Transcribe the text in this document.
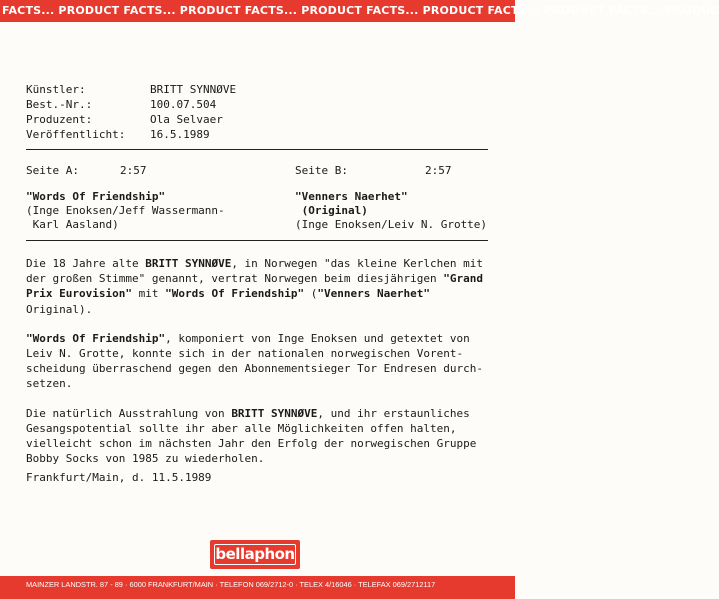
FACTS... PRODUCT FACTS... PRODUCT FACTS... PRODUCT FACTS... PRODUCT FACTS... PRODUCT FACTS... PRODUC
Künstler:	BRITT SYNNØVE
Best.-Nr.:	100.07.504
Produzent:	Ola Selvaer
Veröffentlicht:	16.5.1989
Seite A:	2:57
"Words Of Friendship"
(Inge Enoksen/Jeff Wassermann-
Karl Aasland)
Seite B:	2:57
"Venners Naerhet"
(Original)
(Inge Enoksen/Leiv N. Grotte)

Die 18 Jahre alte BRITT SYNNØVE, in Norwegen "das kleine Kerlchen mit der großen Stimme" genannt, vertrat Norwegen beim diesjährigen "Grand Prix Eurovision" mit "Words Of Friendship" ("Venners Naerhet" Original).

"Words Of Friendship", komponiert von Inge Enoksen und getextet von Leiv N. Grotte, konnte sich in der nationalen norwegischen Vorent-scheidung überraschend gegen den Abonnementsieger Tor Endresen durch-setzen.

Die natürlich Ausstrahlung von BRITT SYNNØVE, und ihr erstaunliches Gesangspotential sollte ihr aber alle Möglichkeiten offen halten, vielleicht schon im nächsten Jahr den Erfolg der norwegischen Gruppe Bobby Socks von 1985 zu wiederholen.

Frankfurt/Main, d. 11.5.1989
bellaphon
MAINZER LANDSTR. 87 - 89 · 6000 FRANKFURT/MAIN · TELEFON 069/2712-0 · TELEX 4/16046 · TELEFAX 069/2712117
